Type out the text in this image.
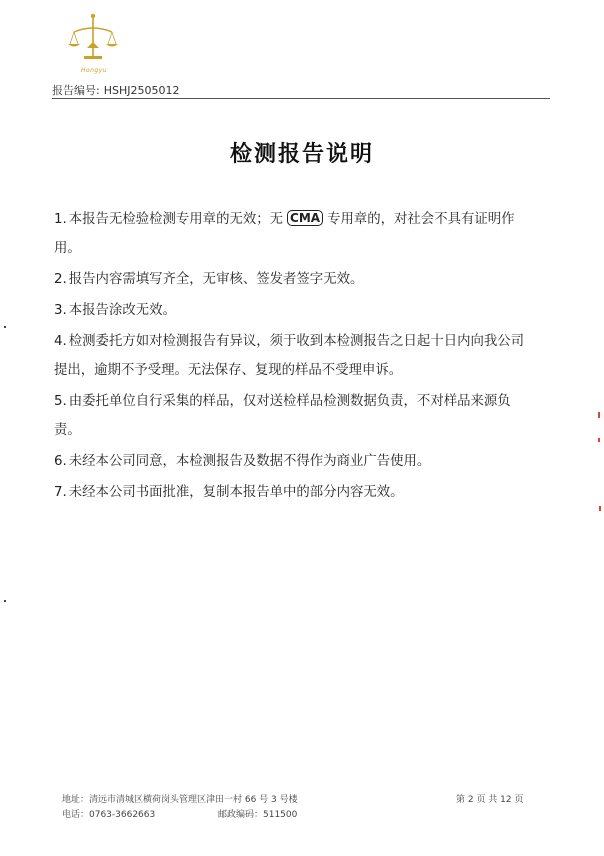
Hongyu
报告编号: HSHJ2505012
检测报告说明

1. 本报告无检验检测专用章的无效；无 CMA 专用章的，对社会不具有证明作用。

2. 报告内容需填写齐全，无审核、签发者签字无效。

3. 本报告涂改无效。

4. 检测委托方如对检测报告有异议，须于收到本检测报告之日起十日内向我公司提出，逾期不予受理。无法保存、复现的样品不受理申诉。

5. 由委托单位自行采集的样品，仅对送检样品检测数据负责，不对样品来源负责。

6. 未经本公司同意，本检测报告及数据不得作为商业广告使用。

7. 未经本公司书面批准，复制本报告单中的部分内容无效。

地址：清远市清城区横荷岗头管理区津田一村 66 号 3 号楼
电话：0763-3662663	邮政编码：511500
第 2 页 共 12 页
